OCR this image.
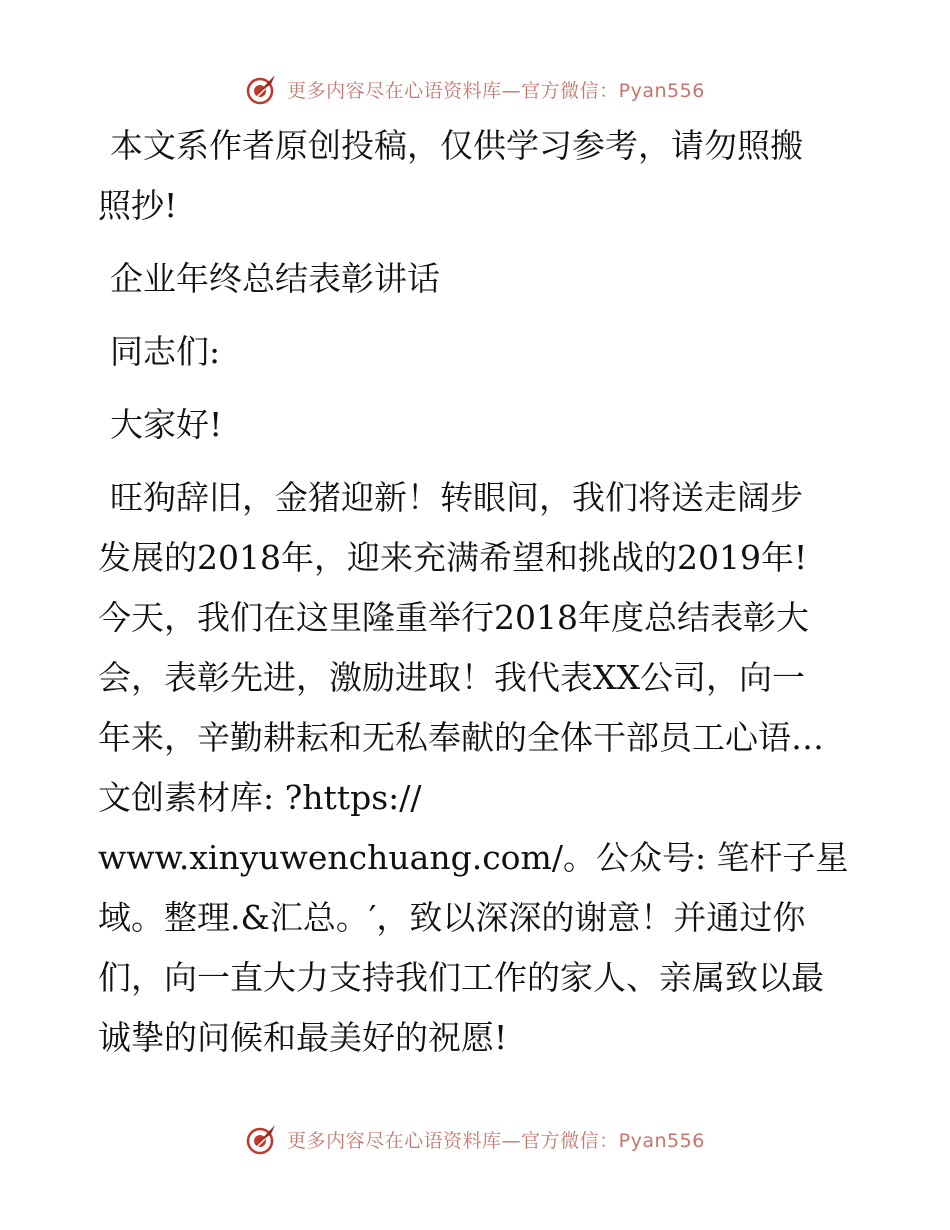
更多内容尽在心语资料库—官方微信：Pyan556

本文系作者原创投稿，仅供学习参考，请勿照搬
照抄!

企业年终总结表彰讲话

同志们:

大家好!

旺狗辞旧，金猪迎新！转眼间，我们将送走阔步
发展的2018年，迎来充满希望和挑战的2019年!
今天，我们在这里隆重举行2018年度总结表彰大
会，表彰先进，激励进取！我代表XX公司，向一
年来，辛勤耕耘和无私奉献的全体干部员工心语…
文创素材库: ?https://
www.xinyuwenchuang.com/。公众号: 笔杆子星
域。整理.&汇总。′，致以深深的谢意！并通过你
们，向一直大力支持我们工作的家人、亲属致以最
诚挚的问候和最美好的祝愿!

更多内容尽在心语资料库—官方微信：Pyan556
